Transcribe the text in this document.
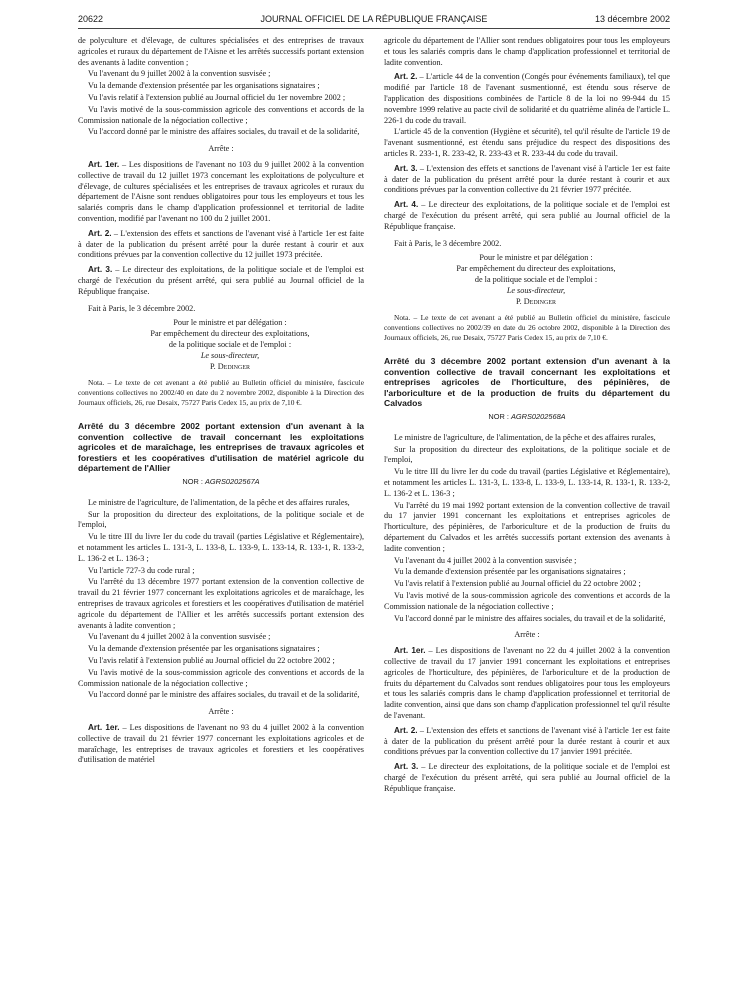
20622	JOURNAL OFFICIEL DE LA RÉPUBLIQUE FRANÇAISE	13 décembre 2002

de polyculture et d'élevage, de cultures spécialisées et des entreprises de travaux agricoles et ruraux du département de l'Aisne et les arrêtés successifs portant extension des avenants à ladite convention ;

Vu l'avenant du 9 juillet 2002 à la convention susvisée ;

Vu la demande d'extension présentée par les organisations signataires ;

Vu l'avis relatif à l'extension publié au Journal officiel du 1er novembre 2002 ;

Vu l'avis motivé de la sous-commission agricole des conventions et accords de la Commission nationale de la négociation collective ;

Vu l'accord donné par le ministre des affaires sociales, du travail et de la solidarité,

Arrête :

Art. 1er. – Les dispositions de l'avenant no 103 du 9 juillet 2002 à la convention collective de travail du 12 juillet 1973 concernant les exploitations de polyculture et d'élevage, de cultures spécialisées et les entreprises de travaux agricoles et ruraux du département de l'Aisne sont rendues obligatoires pour tous les employeurs et tous les salariés compris dans le champ d'application professionnel et territorial de ladite convention, modifié par l'avenant no 100 du 2 juillet 2001.

Art. 2. – L'extension des effets et sanctions de l'avenant visé à l'article 1er est faite à dater de la publication du présent arrêté pour la durée restant à courir et aux conditions prévues par la convention collective du 12 juillet 1973 précitée.

Art. 3. – Le directeur des exploitations, de la politique sociale et de l'emploi est chargé de l'exécution du présent arrêté, qui sera publié au Journal officiel de la République française.

Fait à Paris, le 3 décembre 2002.

Pour le ministre et par délégation :
Par empêchement du directeur des exploitations,
de la politique sociale et de l'emploi :
Le sous-directeur,
P. Dedinger

Nota. – Le texte de cet avenant a été publié au Bulletin officiel du ministère, fascicule conventions collectives no 2002/40 en date du 2 novembre 2002, disponible à la Direction des Journaux officiels, 26, rue Desaix, 75727 Paris Cedex 15, au prix de 7,10 €.

Arrêté du 3 décembre 2002 portant extension d'un avenant à la convention collective de travail concernant les exploitations agricoles et de maraîchage, les entreprises de travaux agricoles et forestiers et les coopératives d'utilisation de matériel agricole du département de l'Allier
NOR : AGRS0202567A

Le ministre de l'agriculture, de l'alimentation, de la pêche et des affaires rurales,

Sur la proposition du directeur des exploitations, de la politique sociale et de l'emploi,

Vu le titre III du livre Ier du code du travail (parties Législative et Réglementaire), et notamment les articles L. 131-3, L. 133-8, L. 133-9, L. 133-14, R. 133-1, R. 133-2, L. 136-2 et L. 136-3 ;

Vu l'article 727-3 du code rural ;

Vu l'arrêté du 13 décembre 1977 portant extension de la convention collective de travail du 21 février 1977 concernant les exploitations agricoles et de maraîchage, les entreprises de travaux agricoles et forestiers et les coopératives d'utilisation de matériel agricole du département de l'Allier et les arrêtés successifs portant extension des avenants à ladite convention ;

Vu l'avenant du 4 juillet 2002 à la convention susvisée ;

Vu la demande d'extension présentée par les organisations signataires ;

Vu l'avis relatif à l'extension publié au Journal officiel du 22 octobre 2002 ;

Vu l'avis motivé de la sous-commission agricole des conventions et accords de la Commission nationale de la négociation collective ;

Vu l'accord donné par le ministre des affaires sociales, du travail et de la solidarité,

Arrête :

Art. 1er. – Les dispositions de l'avenant no 93 du 4 juillet 2002 à la convention collective de travail du 21 février 1977 concernant les exploitations agricoles et de maraîchage, les entreprises de travaux agricoles et forestiers et les coopératives d'utilisation de matériel

agricole du département de l'Allier sont rendues obligatoires pour tous les employeurs et tous les salariés compris dans le champ d'application professionnel et territorial de ladite convention.

Art. 2. – L'article 44 de la convention (Congés pour événements familiaux), tel que modifié par l'article 18 de l'avenant susmentionné, est étendu sous réserve de l'application des dispositions combinées de l'article 8 de la loi no 99-944 du 15 novembre 1999 relative au pacte civil de solidarité et du quatrième alinéa de l'article L. 226-1 du code du travail.

L'article 45 de la convention (Hygiène et sécurité), tel qu'il résulte de l'article 19 de l'avenant susmentionné, est étendu sans préjudice du respect des dispositions des articles R. 233-1, R. 233-42, R. 233-43 et R. 233-44 du code du travail.

Art. 3. – L'extension des effets et sanctions de l'avenant visé à l'article 1er est faite à dater de la publication du présent arrêté pour la durée restant à courir et aux conditions prévues par la convention collective du 21 février 1977 précitée.

Art. 4. – Le directeur des exploitations, de la politique sociale et de l'emploi est chargé de l'exécution du présent arrêté, qui sera publié au Journal officiel de la République française.

Fait à Paris, le 3 décembre 2002.

Pour le ministre et par délégation :
Par empêchement du directeur des exploitations,
de la politique sociale et de l'emploi :
Le sous-directeur,
P. Dedinger

Nota. – Le texte de cet avenant a été publié au Bulletin officiel du ministère, fascicule conventions collectives no 2002/39 en date du 26 octobre 2002, disponible à la Direction des Journaux officiels, 26, rue Desaix, 75727 Paris Cedex 15, au prix de 7,10 €.

Arrêté du 3 décembre 2002 portant extension d'un avenant à la convention collective de travail concernant les exploitations et entreprises agricoles de l'horticulture, des pépinières, de l'arboriculture et de la production de fruits du département du Calvados
NOR : AGRS0202568A

Le ministre de l'agriculture, de l'alimentation, de la pêche et des affaires rurales,

Sur la proposition du directeur des exploitations, de la politique sociale et de l'emploi,

Vu le titre III du livre Ier du code du travail (parties Législative et Réglementaire), et notamment les articles L. 131-3, L. 133-8, L. 133-9, L. 133-14, R. 133-1, R. 133-2, L. 136-2 et L. 136-3 ;

Vu l'arrêté du 19 mai 1992 portant extension de la convention collective de travail du 17 janvier 1991 concernant les exploitations et entreprises agricoles de l'horticulture, des pépinières, de l'arboriculture et de la production de fruits du département du Calvados et les arrêtés successifs portant extension des avenants à ladite convention ;

Vu l'avenant du 4 juillet 2002 à la convention susvisée ;

Vu la demande d'extension présentée par les organisations signataires ;

Vu l'avis relatif à l'extension publié au Journal officiel du 22 octobre 2002 ;

Vu l'avis motivé de la sous-commission agricole des conventions et accords de la Commission nationale de la négociation collective ;

Vu l'accord donné par le ministre des affaires sociales, du travail et de la solidarité,

Arrête :

Art. 1er. – Les dispositions de l'avenant no 22 du 4 juillet 2002 à la convention collective de travail du 17 janvier 1991 concernant les exploitations et entreprises agricoles de l'horticulture, des pépinières, de l'arboriculture et de la production de fruits du département du Calvados sont rendues obligatoires pour tous les employeurs et tous les salariés compris dans le champ d'application professionnel et territorial de ladite convention, ainsi que dans son champ d'application professionnel tel qu'il résulte de l'avenant.

Art. 2. – L'extension des effets et sanctions de l'avenant visé à l'article 1er est faite à dater de la publication du présent arrêté pour la durée restant à courir et aux conditions prévues par la convention collective du 17 janvier 1991 précitée.

Art. 3. – Le directeur des exploitations, de la politique sociale et de l'emploi est chargé de l'exécution du présent arrêté, qui sera publié au Journal officiel de la République française.
